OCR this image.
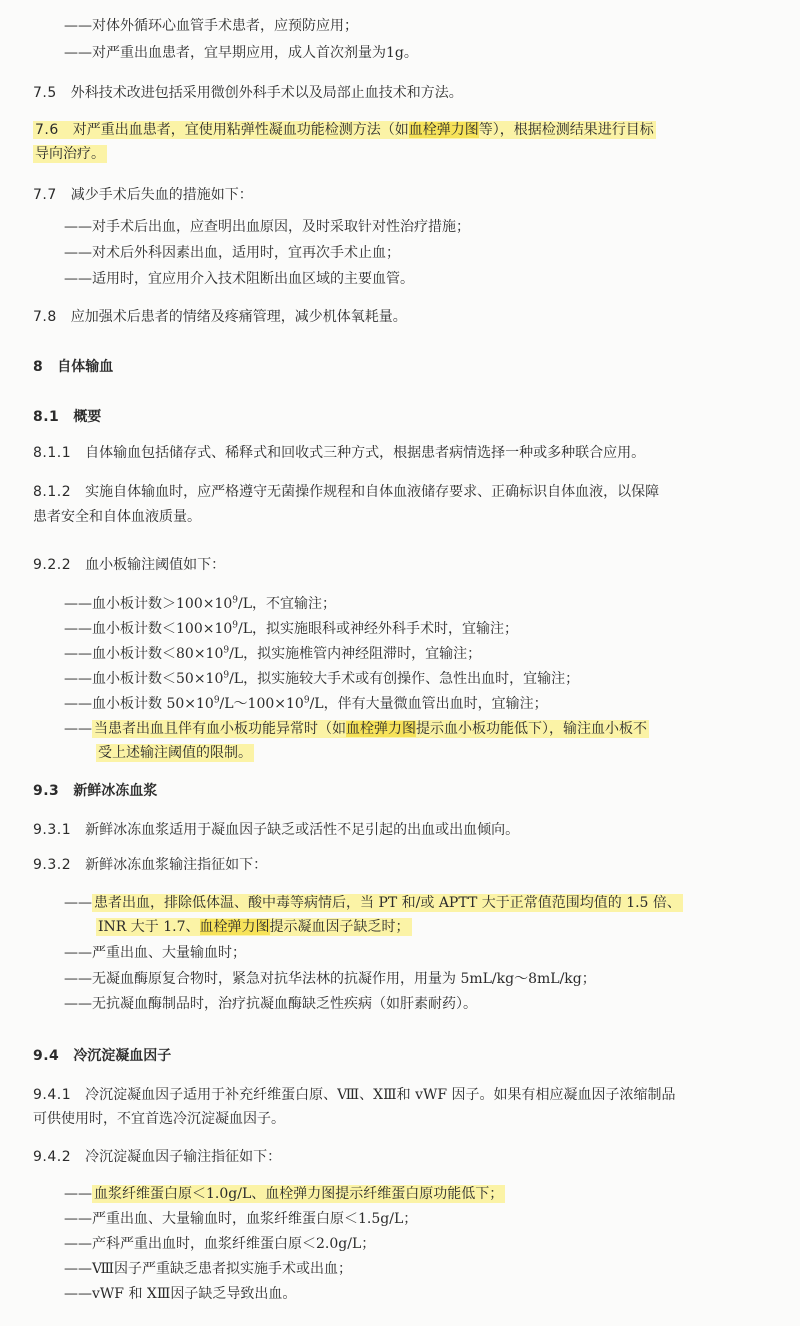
——对体外循环心血管手术患者，应预防应用；
——对严重出血患者，宜早期应用，成人首次剂量为1g。
7.5 外科技术改进包括采用微创外科手术以及局部止血技术和方法。
7.6 对严重出血患者，宜使用粘弹性凝血功能检测方法（如血栓弹力图等），根据检测结果进行目标
导向治疗。
7.7 减少手术后失血的措施如下：
——对手术后出血，应查明出血原因，及时采取针对性治疗措施；
——对术后外科因素出血，适用时，宜再次手术止血；
——适用时，宜应用介入技术阻断出血区域的主要血管。
7.8 应加强术后患者的情绪及疼痛管理，减少机体氧耗量。
8 自体输血
8.1 概要
8.1.1 自体输血包括储存式、稀释式和回收式三种方式，根据患者病情选择一种或多种联合应用。
8.1.2 实施自体输血时，应严格遵守无菌操作规程和自体血液储存要求、正确标识自体血液，以保障
患者安全和自体血液质量。
9.2.2 血小板输注阈值如下：
——血小板计数$>100\times 10^9/L$，不宜输注；
——血小板计数$<100\times 10^9/L$，拟实施眼科或神经外科手术时，宜输注；
——血小板计数$<80\times 10^9/L$，拟实施椎管内神经阻滞时，宜输注；
——血小板计数$<50\times 10^9/L$，拟实施较大手术或有创操作、急性出血时，宜输注；
——血小板计数 $50\times 10^9/L\sim 100\times 10^9/L$，伴有大量微血管出血时，宜输注；
—— 当患者出血且伴有血小板功能异常时（如血栓弹力图提示血小板功能低下），输注血小板不
受上述输注阈值的限制。
9.3 新鲜冰冻血浆
9.3.1 新鲜冰冻血浆适用于凝血因子缺乏或活性不足引起的出血或出血倾向。
9.3.2 新鲜冰冻血浆输注指征如下：
—— 患者出血，排除低体温、酸中毒等病情后，当 PT 和/或 APTT 大于正常值范围均值的 1.5 倍、
INR 大于 1.7、血栓弹力图提示凝血因子缺乏时；
——严重出血、大量输血时；
——无凝血酶原复合物时，紧急对抗华法林的抗凝作用，用量为 5mL/kg～8mL/kg；
——无抗凝血酶制品时，治疗抗凝血酶缺乏性疾病（如肝素耐药）。
9.4 冷沉淀凝血因子
9.4.1 冷沉淀凝血因子适用于补充纤维蛋白原、Ⅷ、ⅩⅢ和 vWF 因子。如果有相应凝血因子浓缩制品
可供使用时，不宜首选冷沉淀凝血因子。
9.4.2 冷沉淀凝血因子输注指征如下：
—— 血浆纤维蛋白原＜1.0g/L、血栓弹力图提示纤维蛋白原功能低下；
——严重出血、大量输血时，血浆纤维蛋白原＜1.5g/L；
——产科严重出血时，血浆纤维蛋白原＜2.0g/L；
——Ⅷ因子严重缺乏患者拟实施手术或出血；
——vWF 和 ⅩⅢ因子缺乏导致出血。
